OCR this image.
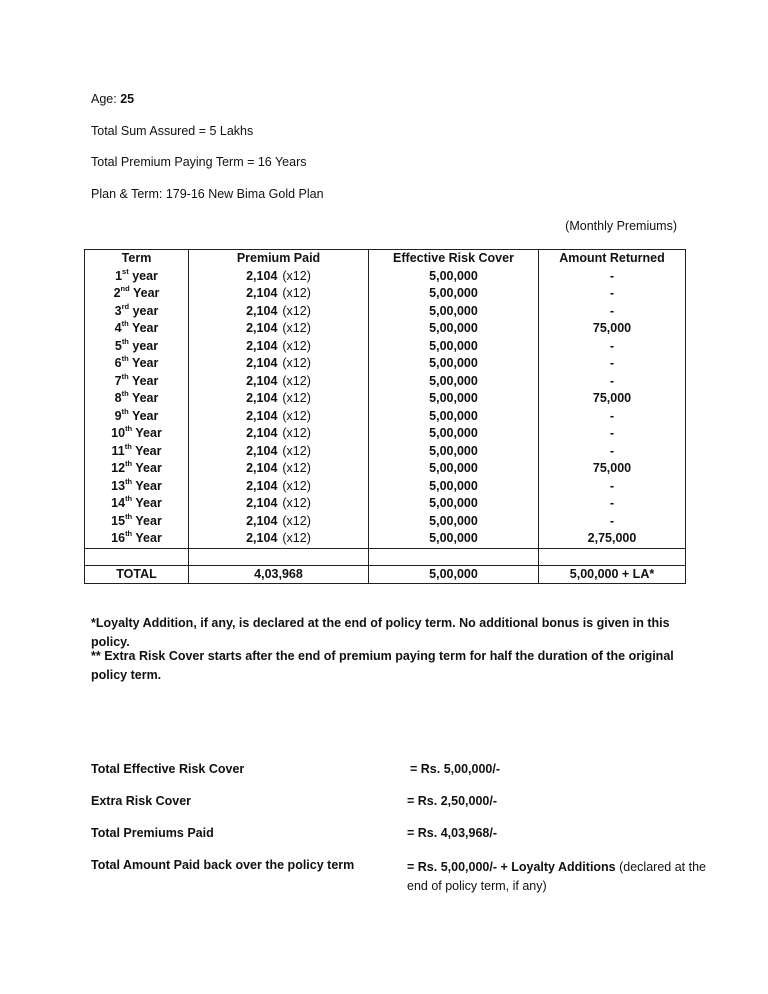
Age: 25
Total Sum Assured = 5 Lakhs
Total Premium Paying Term = 16 Years
Plan & Term: 179-16 New Bima Gold Plan
(Monthly Premiums)
Term	Premium Paid	Effective Risk Cover	Amount Returned
1st year	2,104 (x12)	5,00,000	-
2nd Year	2,104 (x12)	5,00,000	-
3rd year	2,104 (x12)	5,00,000	-
4th Year	2,104 (x12)	5,00,000	75,000
5th year	2,104 (x12)	5,00,000	-
6th Year	2,104 (x12)	5,00,000	-
7th Year	2,104 (x12)	5,00,000	-
8th Year	2,104 (x12)	5,00,000	75,000
9th Year	2,104 (x12)	5,00,000	-
10th Year	2,104 (x12)	5,00,000	-
11th Year	2,104 (x12)	5,00,000	-
12th Year	2,104 (x12)	5,00,000	75,000
13th Year	2,104 (x12)	5,00,000	-
14th Year	2,104 (x12)	5,00,000	-
15th Year	2,104 (x12)	5,00,000	-
16th Year	2,104 (x12)	5,00,000	2,75,000

TOTAL	4,03,968	5,00,000	5,00,000 + LA*
*Loyalty Addition, if any, is declared at the end of policy term. No additional bonus is given in this policy.
** Extra Risk Cover starts after the end of premium paying term for half the duration of the original policy term.
Total Effective Risk Cover	= Rs. 5,00,000/-
Extra Risk Cover	= Rs. 2,50,000/-
Total Premiums Paid	= Rs. 4,03,968/-
Total Amount Paid back over the policy term	= Rs. 5,00,000/- + Loyalty Additions (declared at the end of policy term, if any)
